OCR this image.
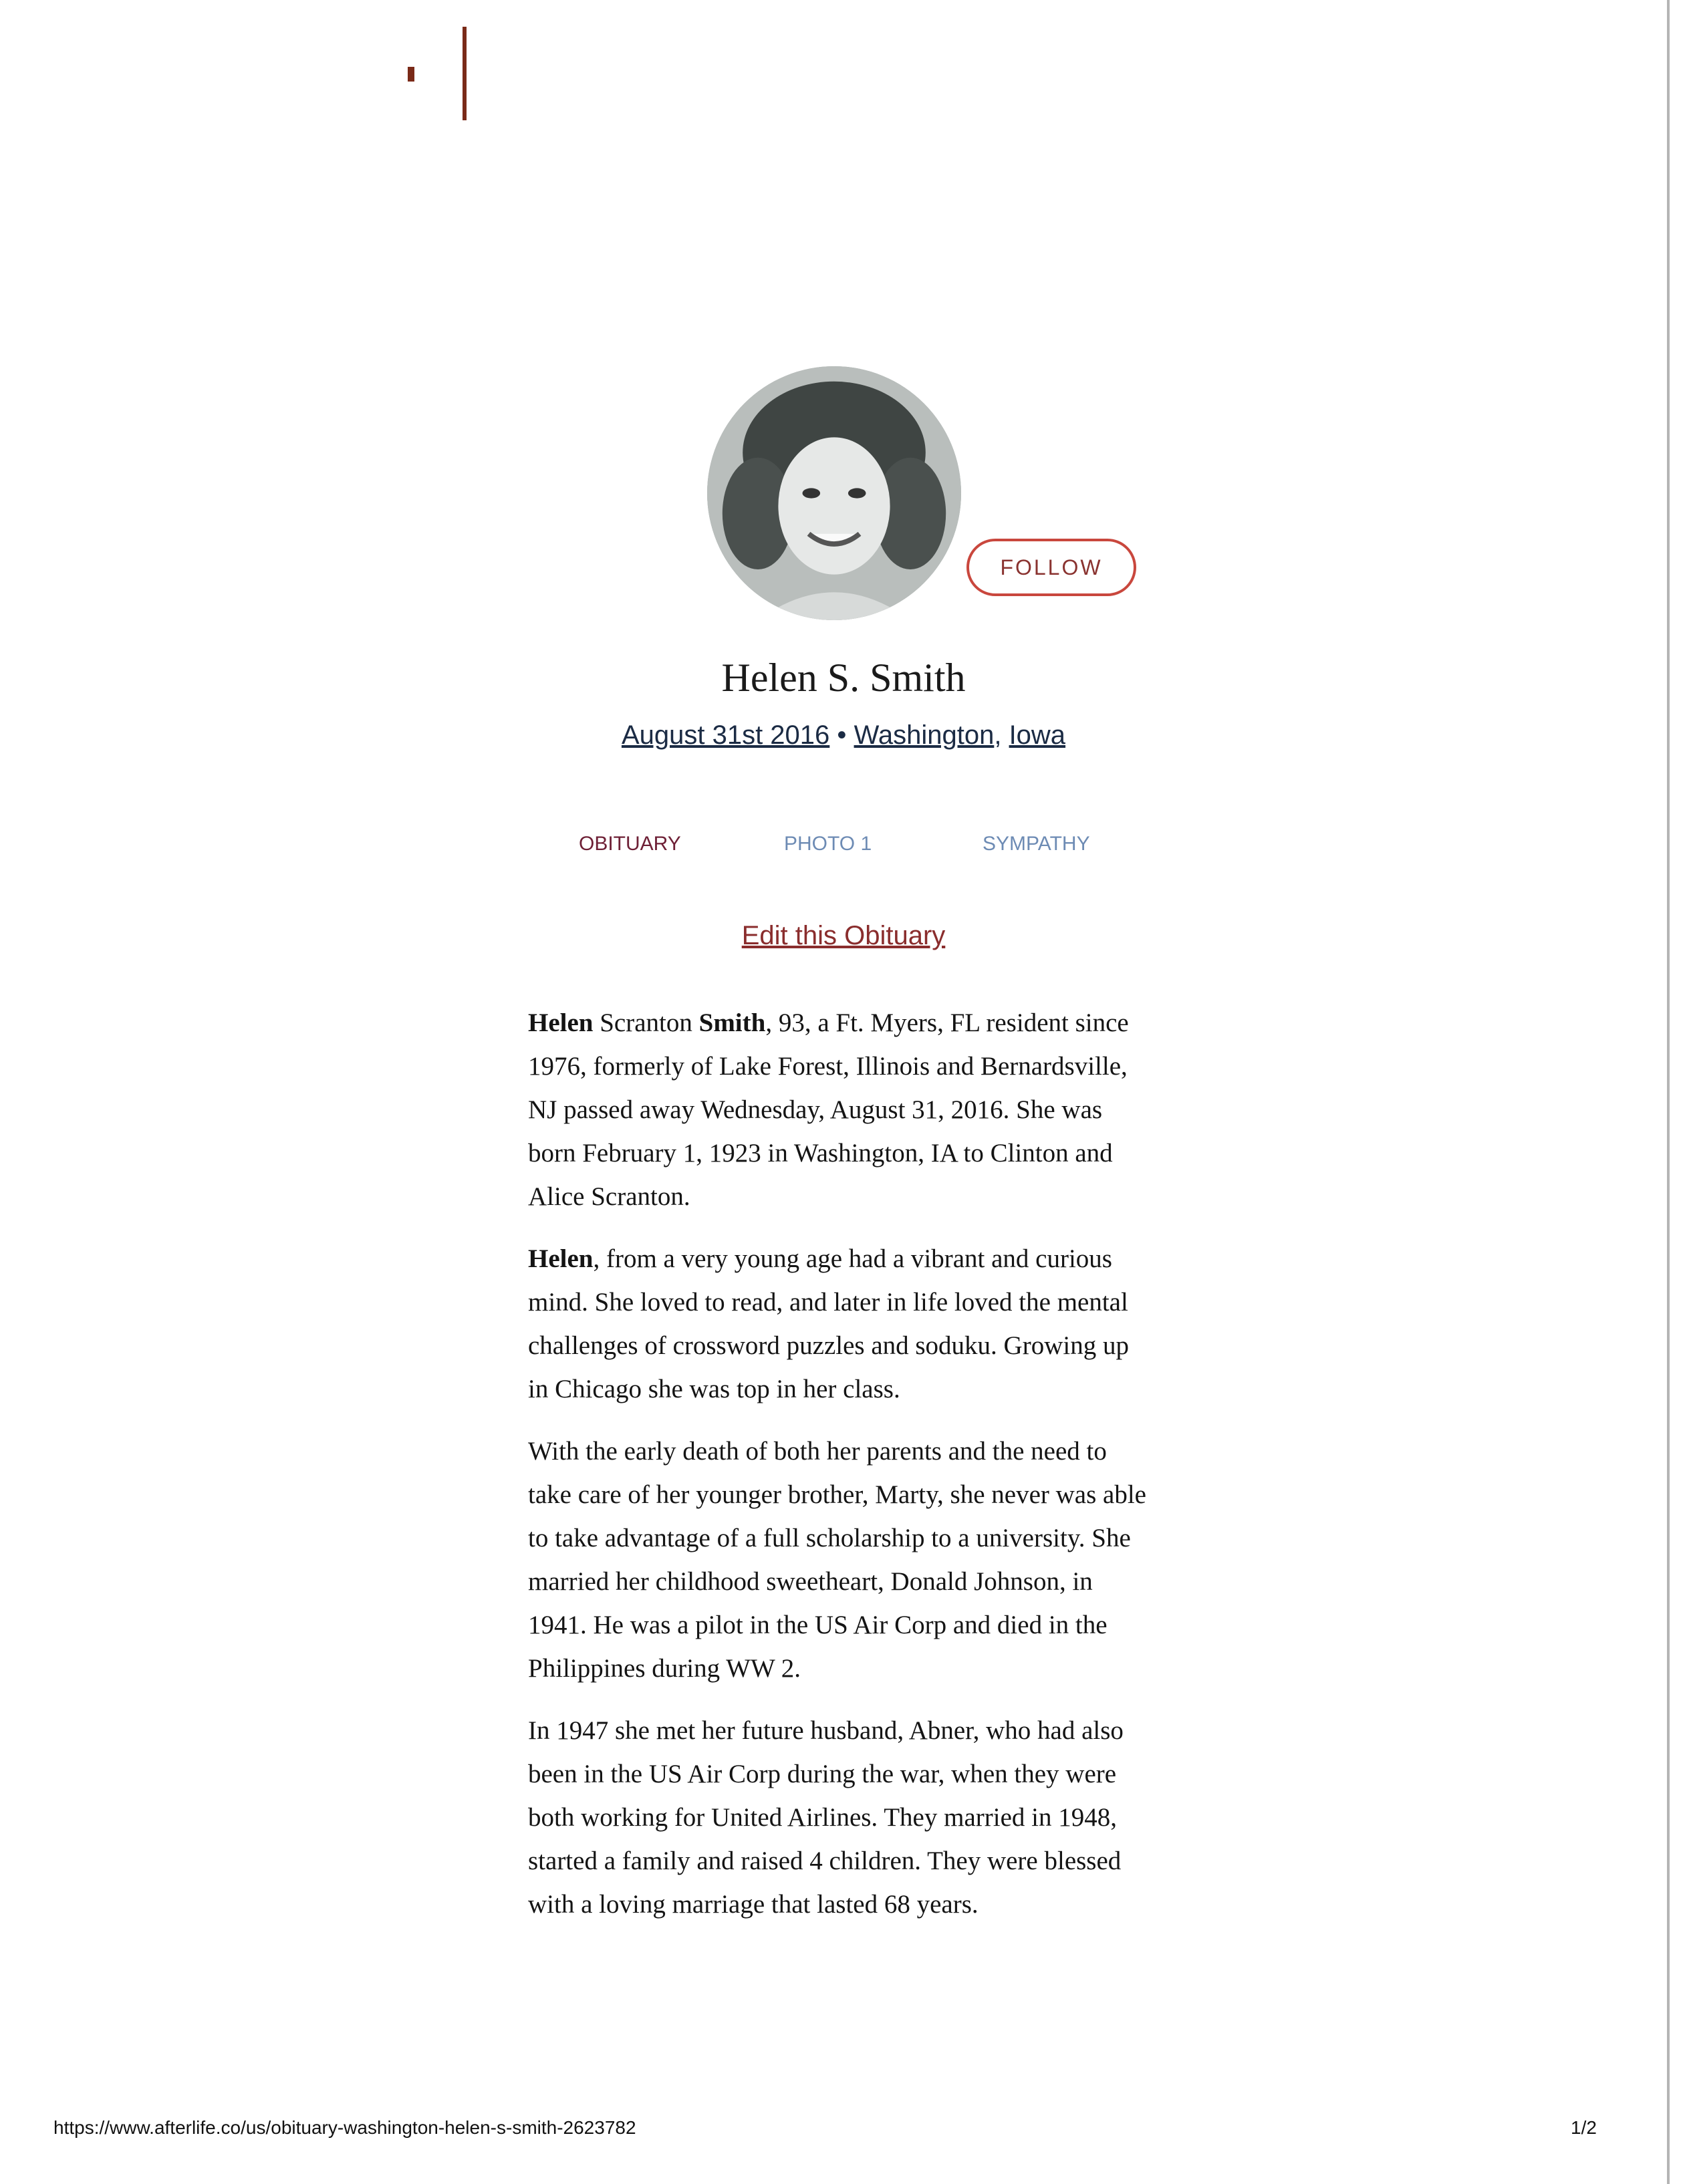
FOLLOW
Helen S. Smith
August 31st 2016 • Washington, Iowa
OBITUARY	PHOTO 1	SYMPATHY
Edit this Obituary

Helen Scranton Smith, 93, a Ft. Myers, FL resident since 1976, formerly of Lake Forest, Illinois and Bernardsville, NJ passed away Wednesday, August 31, 2016. She was born February 1, 1923 in Washington, IA to Clinton and Alice Scranton.

Helen, from a very young age had a vibrant and curious mind. She loved to read, and later in life loved the mental challenges of crossword puzzles and soduku. Growing up in Chicago she was top in her class.

With the early death of both her parents and the need to take care of her younger brother, Marty, she never was able to take advantage of a full scholarship to a university. She married her childhood sweetheart, Donald Johnson, in 1941. He was a pilot in the US Air Corp and died in the Philippines during WW 2.

In 1947 she met her future husband, Abner, who had also been in the US Air Corp during the war, when they were both working for United Airlines. They married in 1948, started a family and raised 4 children. They were blessed with a loving marriage that lasted 68 years.

https://www.afterlife.co/us/obituary-washington-helen-s-smith-2623782	1/2
